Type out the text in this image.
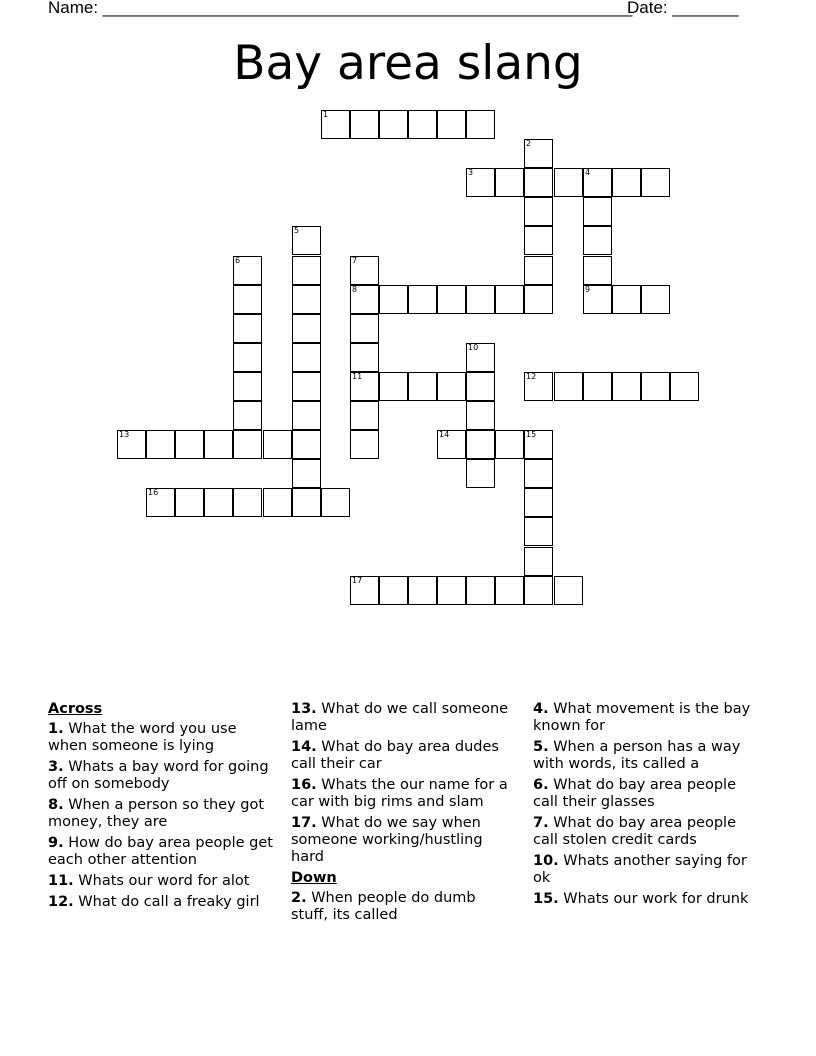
Name: ________________________________________________________
Date: _______
Bay area slang
1
2
3	4
9
5
6	7
8
11
10
12
13	14	15
16
17
Across
1. What the word you use when someone is lying
3. Whats a bay word for going off on somebody
8. When a person so they got money, they are
9. How do bay area people get each other attention
11. Whats our word for alot
12. What do call a freaky girl
13. What do we call someone lame
14. What do bay area dudes call their car
16. Whats the our name for a car with big rims and slam
17. What do we say when someone working/hustling hard
Down
2. When people do dumb stuff, its called
4. What movement is the bay known for
5. When a person has a way with words, its called a
6. What do bay area people call their glasses
7. What do bay area people call stolen credit cards
10. Whats another saying for ok
15. Whats our work for drunk
